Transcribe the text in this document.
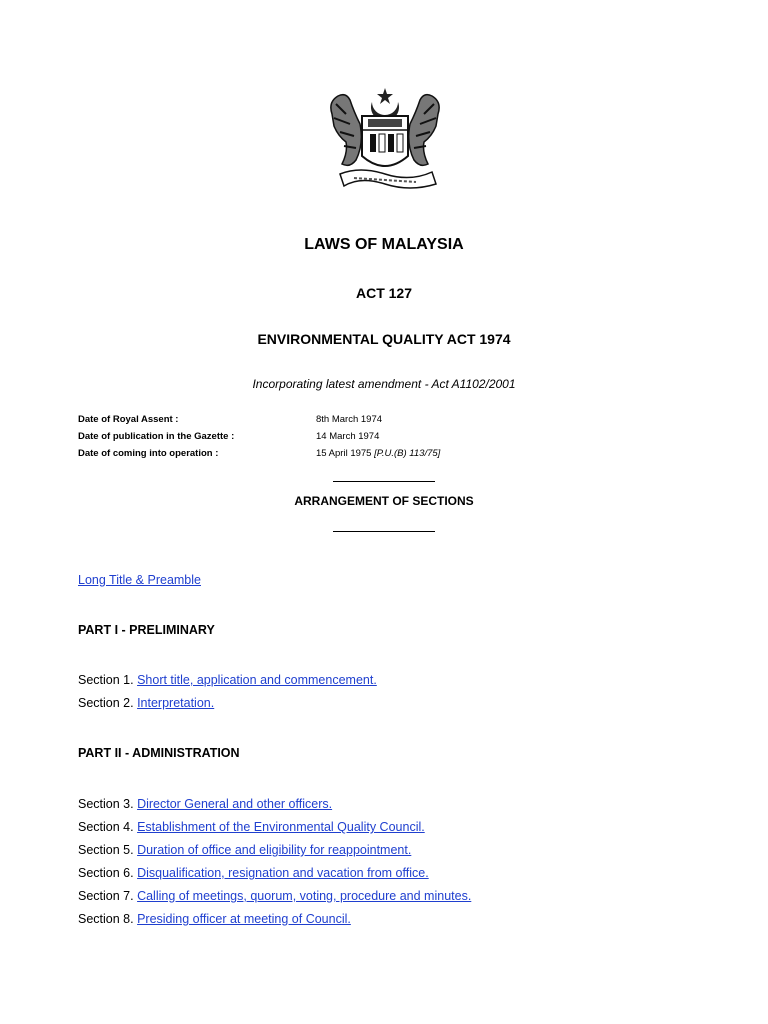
LAWS OF MALAYSIA
ACT 127
ENVIRONMENTAL QUALITY ACT 1974
Incorporating latest amendment - Act A1102/2001
Date of Royal Assent :	8th March 1974
Date of publication in the Gazette :	14 March 1974
Date of coming into operation :	15 April 1975 [P.U.(B) 113/75]
ARRANGEMENT OF SECTIONS
Long Title & Preamble
PART I - PRELIMINARY
Section 1. Short title, application and commencement.
Section 2. Interpretation.
PART II - ADMINISTRATION
Section 3. Director General and other officers.
Section 4. Establishment of the Environmental Quality Council.
Section 5. Duration of office and eligibility for reappointment.
Section 6. Disqualification, resignation and vacation from office.
Section 7. Calling of meetings, quorum, voting, procedure and minutes.
Section 8. Presiding officer at meeting of Council.
